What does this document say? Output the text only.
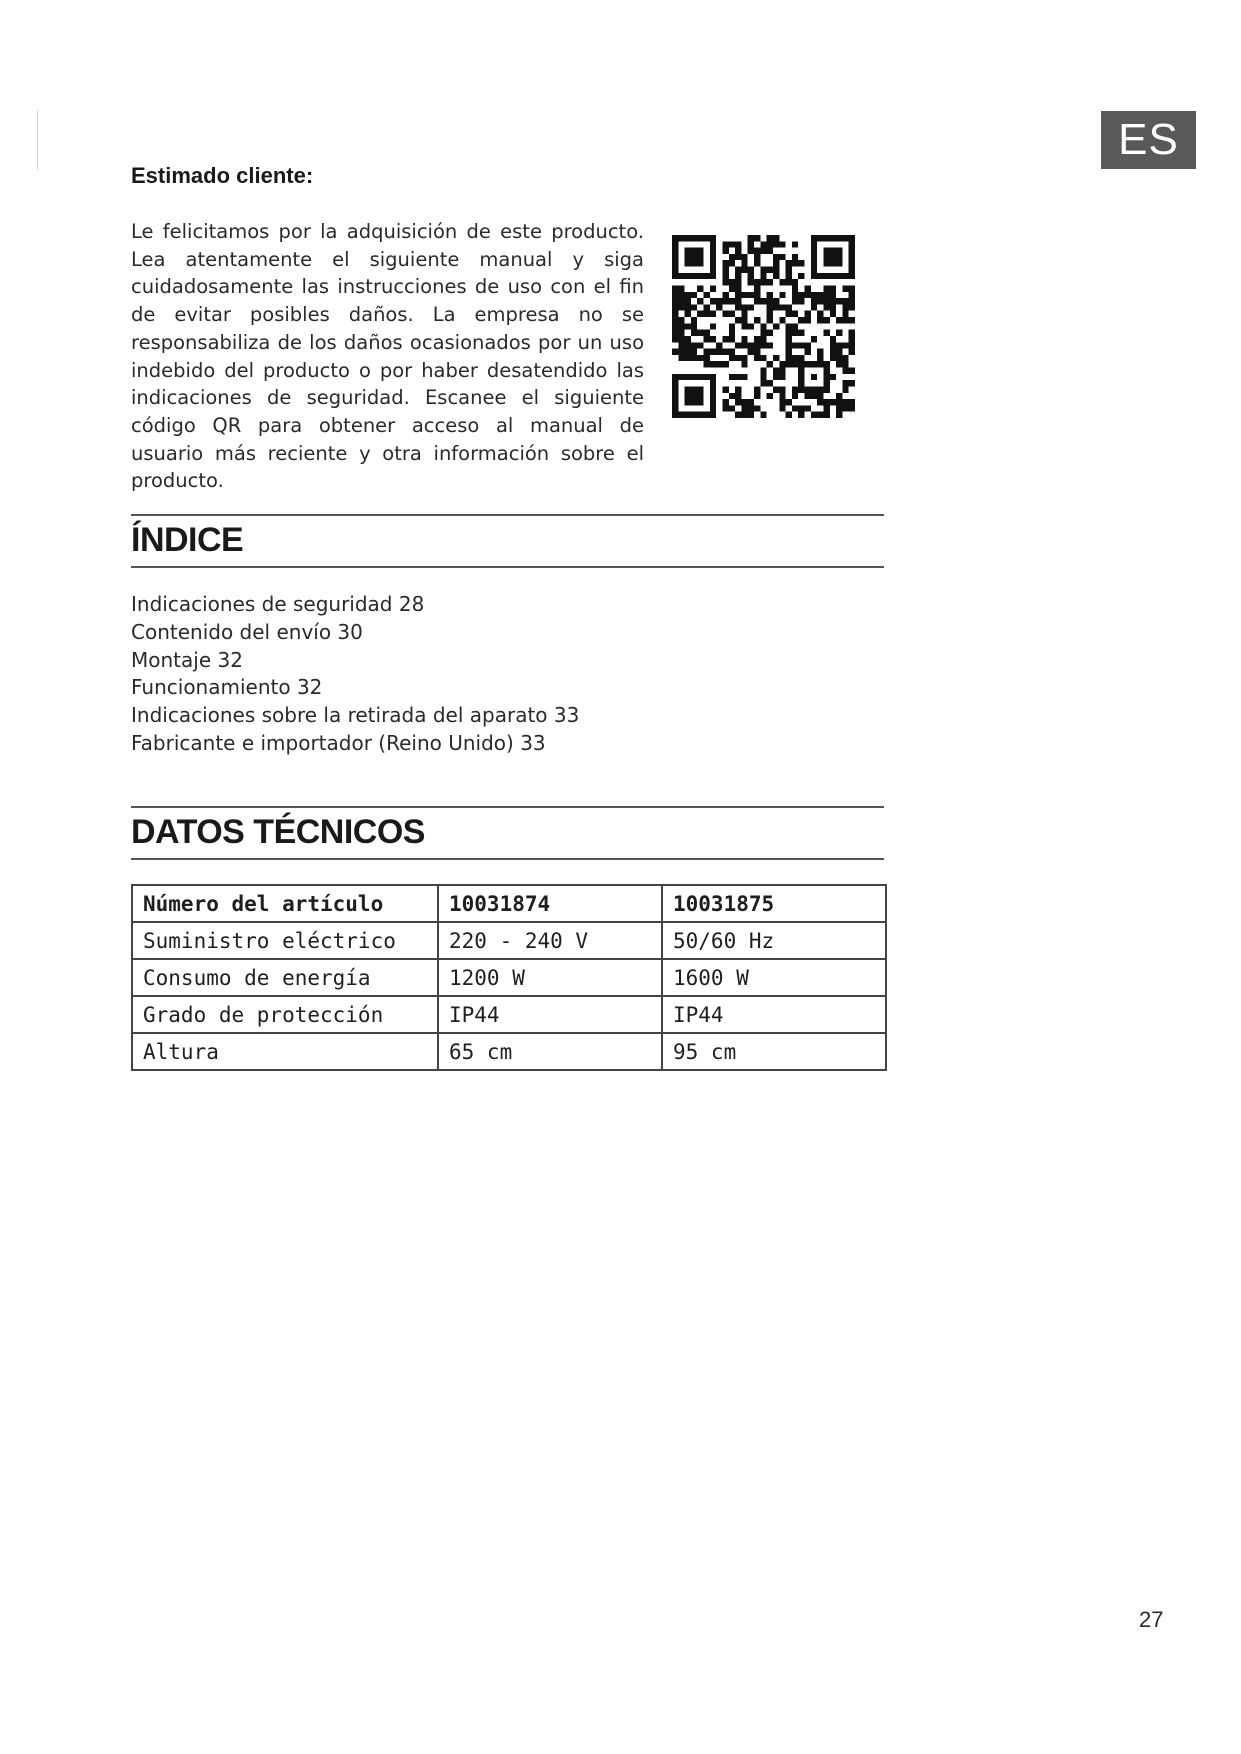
ES
Estimado cliente:

Le felicitamos por la adquisición de este producto. Lea atentamente el siguiente manual y siga cuidadosamente las instrucciones de uso con el fin de evitar posibles daños. La empresa no se responsabiliza de los daños ocasionados por un uso indebido del producto o por haber desatendido las indicaciones de seguridad. Escanee el siguiente código QR para obtener acceso al manual de usuario más reciente y otra información sobre el producto.

ÍNDICE
Indicaciones de seguridad 28
Contenido del envío 30
Montaje 32
Funcionamiento 32
Indicaciones sobre la retirada del aparato 33
Fabricante e importador (Reino Unido) 33
DATOS TÉCNICOS
Número del artículo	10031874	10031875
Suministro eléctrico	220 - 240 V	50/60 Hz
Consumo de energía	1200 W	1600 W
Grado de protección	IP44	IP44
Altura	65 cm	95 cm
27
